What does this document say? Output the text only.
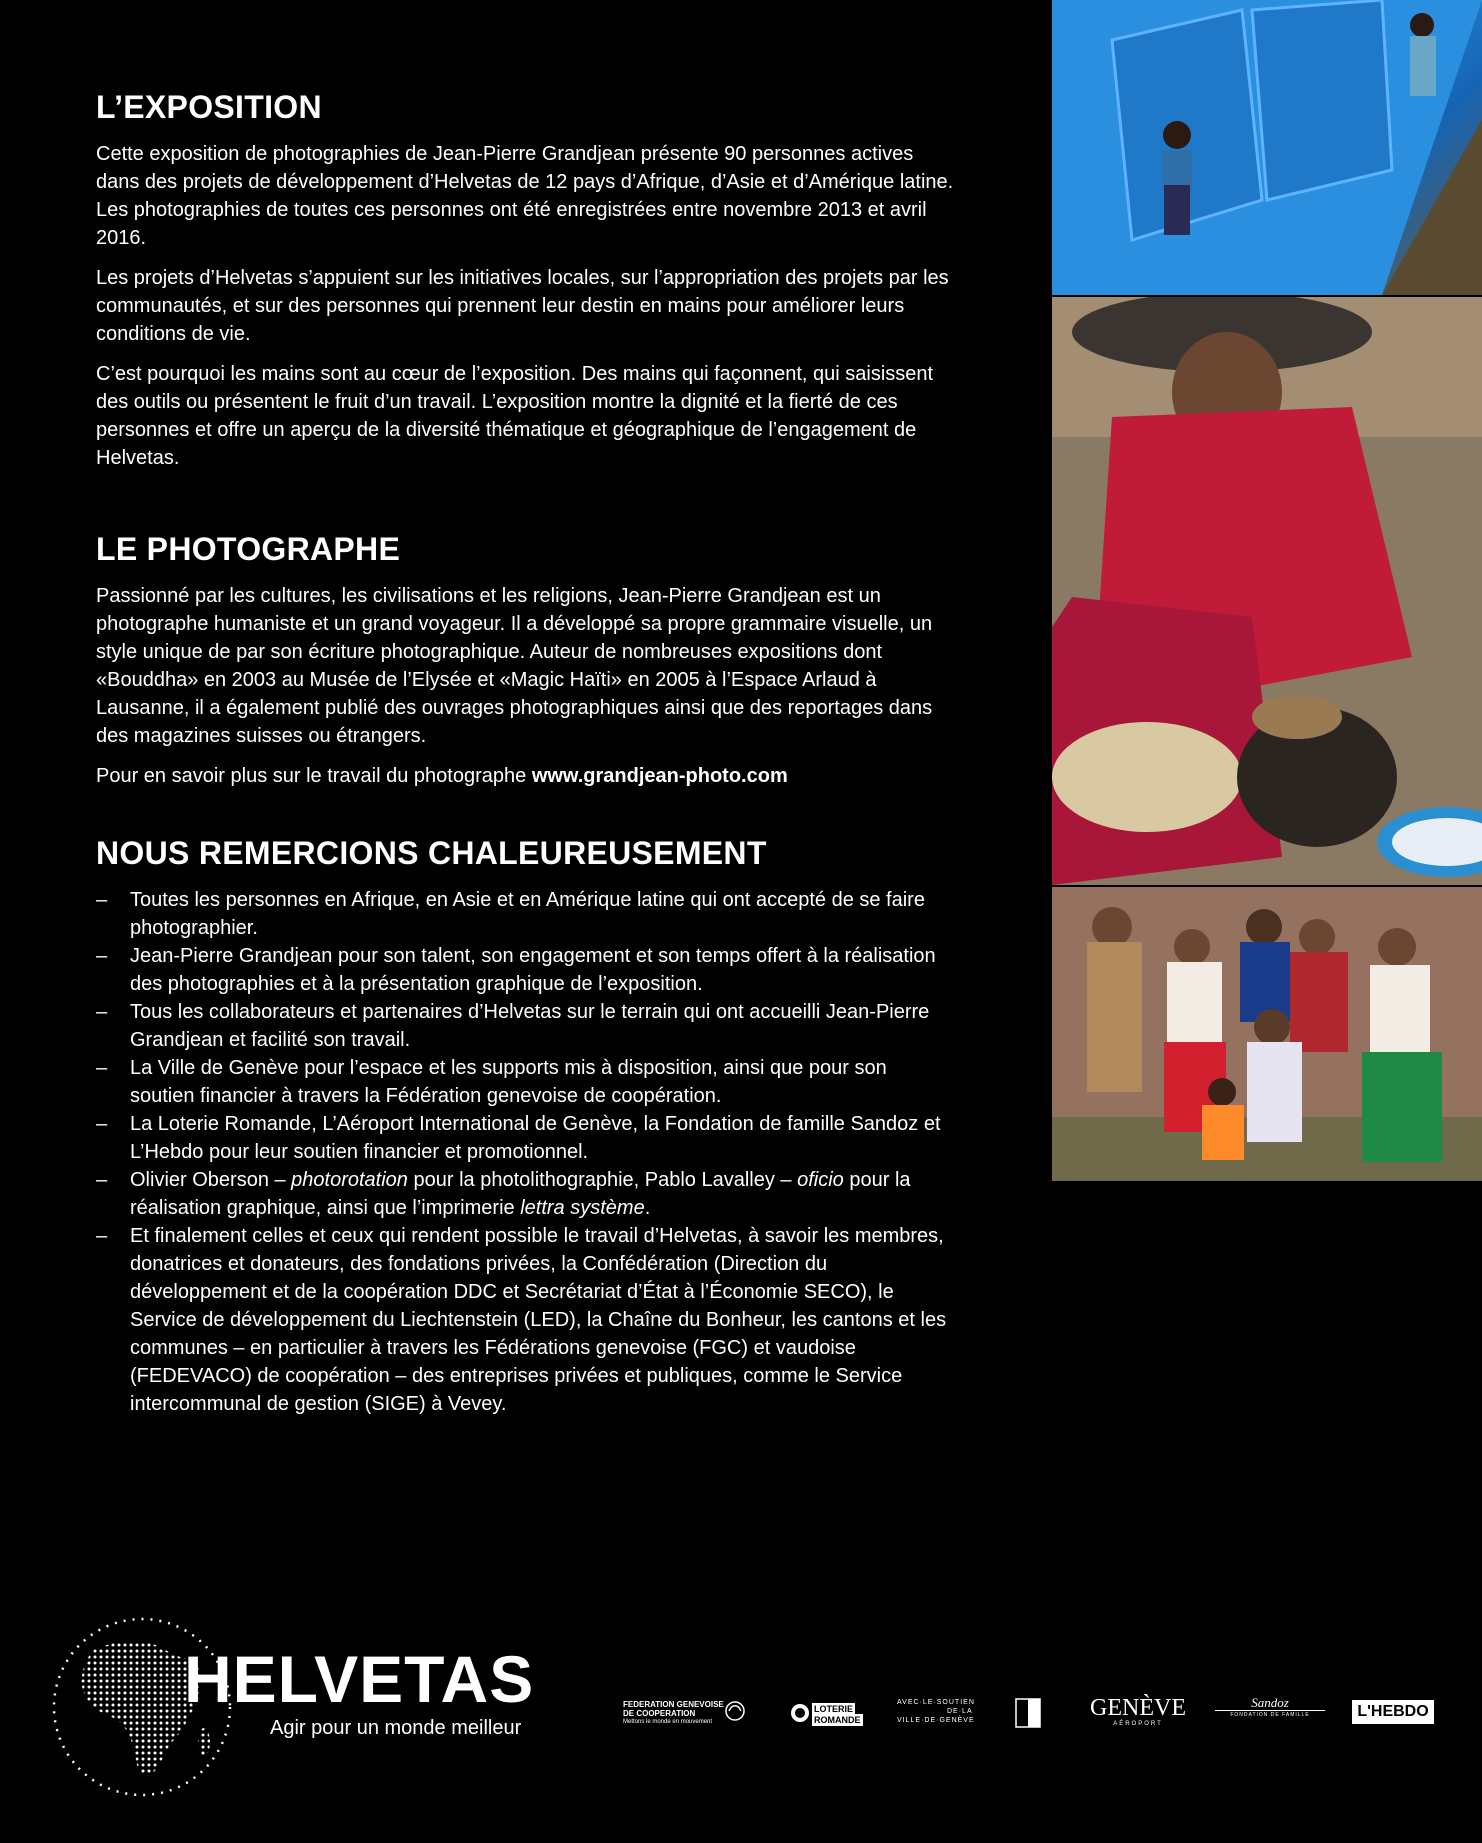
L’EXPOSITION

Cette exposition de photographies de Jean-Pierre Grandjean présente 90 personnes actives dans des projets de développement d’Helvetas de 12 pays d’Afrique, d’Asie et d’Amérique latine. Les photographies de toutes ces personnes ont été enregistrées entre novembre 2013 et avril 2016.

Les projets d’Helvetas s’appuient sur les initiatives locales, sur l’appropriation des projets par les communautés, et sur des personnes qui prennent leur destin en mains pour améliorer leurs conditions de vie.

C’est pourquoi les mains sont au cœur de l’exposition. Des mains qui façonnent, qui saisissent des outils ou présentent le fruit d’un travail. L’exposition montre la dignité et la fierté de ces personnes et offre un aperçu de la diversité thématique et géographique de l’engagement de Helvetas.

LE PHOTOGRAPHE

Passionné par les cultures, les civilisations et les religions, Jean-Pierre Grandjean est un photographe humaniste et un grand voyageur. Il a développé sa propre grammaire visuelle, un style unique de par son écriture photographique. Auteur de nombreuses expositions dont «Bouddha» en 2003 au Musée de l’Elysée et «Magic Haïti» en 2005 à l’Espace Arlaud à Lausanne, il a également publié des ouvrages photographiques ainsi que des reportages dans des magazines suisses ou étrangers.

Pour en savoir plus sur le travail du photographe www.grandjean-photo.com

NOUS REMERCIONS CHALEUREUSEMENT
– Toutes les personnes en Afrique, en Asie et en Amérique latine qui ont accepté de se faire photographier.
– Jean-Pierre Grandjean pour son talent, son engagement et son temps offert à la réalisation des photographies et à la présentation graphique de l’exposition.
– Tous les collaborateurs et partenaires d’Helvetas sur le terrain qui ont accueilli Jean-Pierre Grandjean et facilité son travail.
– La Ville de Genève pour l’espace et les supports mis à disposition, ainsi que pour son soutien financier à travers la Fédération genevoise de coopération.
– La Loterie Romande, L’Aéroport International de Genève, la Fondation de famille Sandoz et L’Hebdo pour leur soutien financier et promotionnel.
– Olivier Oberson – photorotation pour la photolithographie, Pablo Lavalley – oficio pour la réalisation graphique, ainsi que l’imprimerie lettra système.
– Et finalement celles et ceux qui rendent possible le travail d’Helvetas, à savoir les membres, donatrices et donateurs, des fondations privées, la Confédération (Direction du développement et de la coopération DDC et Secrétariat d’État à l’Économie SECO), le Service de développement du Liechtenstein (LED), la Chaîne du Bonheur, les cantons et les communes – en particulier à travers les Fédérations genevoise (FGC) et vaudoise (FEDEVACO) de coopération – des entreprises privées et publiques, comme le Service intercommunal de gestion (SIGE) à Vevey.
HELVETAS
Agir pour un monde meilleur
FEDERATION GENEVOISE
DE COOPERATION
Mettons le monde en mouvement
LOTERIE
ROMANDE
AVEC·LE·SOUTIEN
DE·LA
VILLE·DE·GENÈVE	GENÈVE
AÉROPORT
Sandoz
FONDATION DE FAMILLE	L'HEBDO
